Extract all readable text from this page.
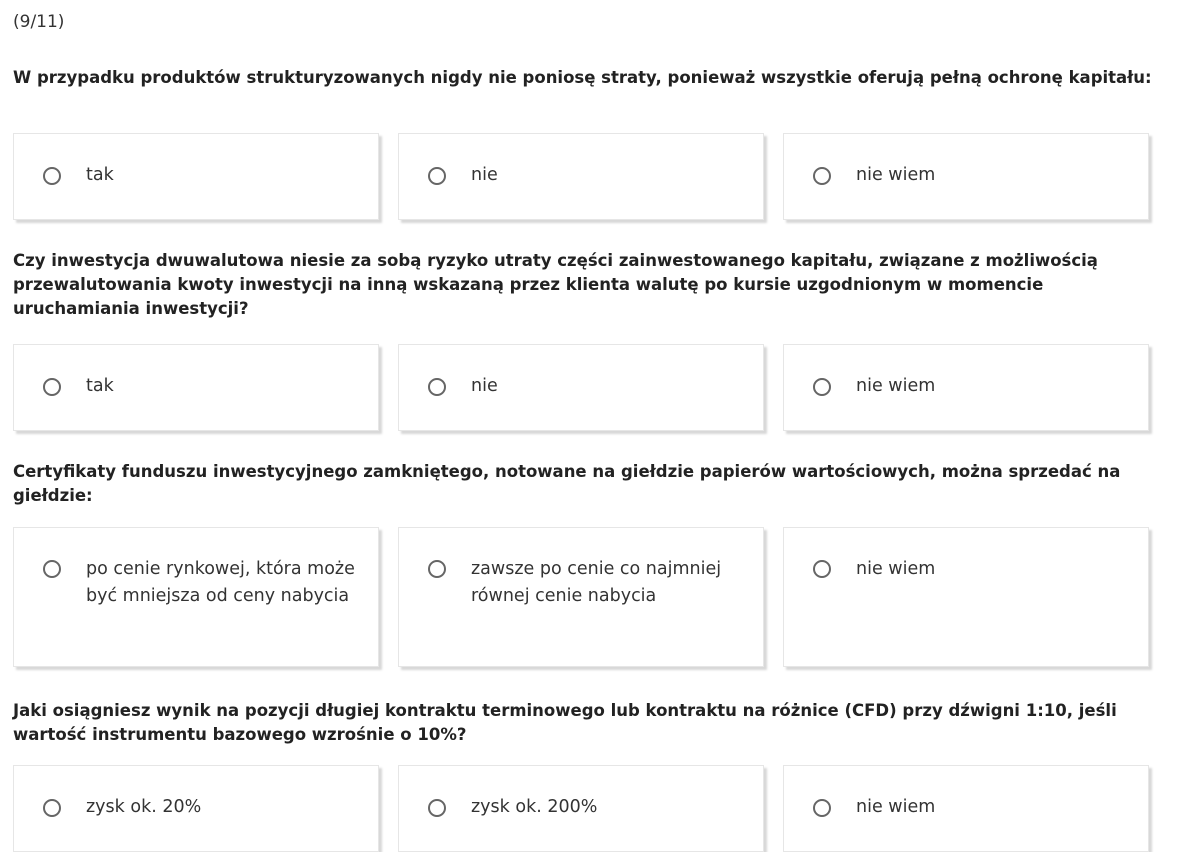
(9/11)
W przypadku produktów strukturyzowanych nigdy nie poniosę straty, ponieważ wszystkie oferują pełną ochronę kapitału:
tak	nie	nie wiem
Czy inwestycja dwuwalutowa niesie za sobą ryzyko utraty części zainwestowanego kapitału, związane z możliwością przewalutowania kwoty inwestycji na inną wskazaną przez klienta walutę po kursie uzgodnionym w momencie uruchamiania inwestycji?
tak	nie	nie wiem
Certyfikaty funduszu inwestycyjnego zamkniętego, notowane na giełdzie papierów wartościowych, można sprzedać na giełdzie:
po cenie rynkowej, która może być mniejsza od ceny nabycia
zawsze po cenie co najmniej równej cenie nabycia
nie wiem
Jaki osiągniesz wynik na pozycji długiej kontraktu terminowego lub kontraktu na różnice (CFD) przy dźwigni 1:10, jeśli wartość instrumentu bazowego wzrośnie o 10%?
zysk ok. 20%	zysk ok. 200%	nie wiem
